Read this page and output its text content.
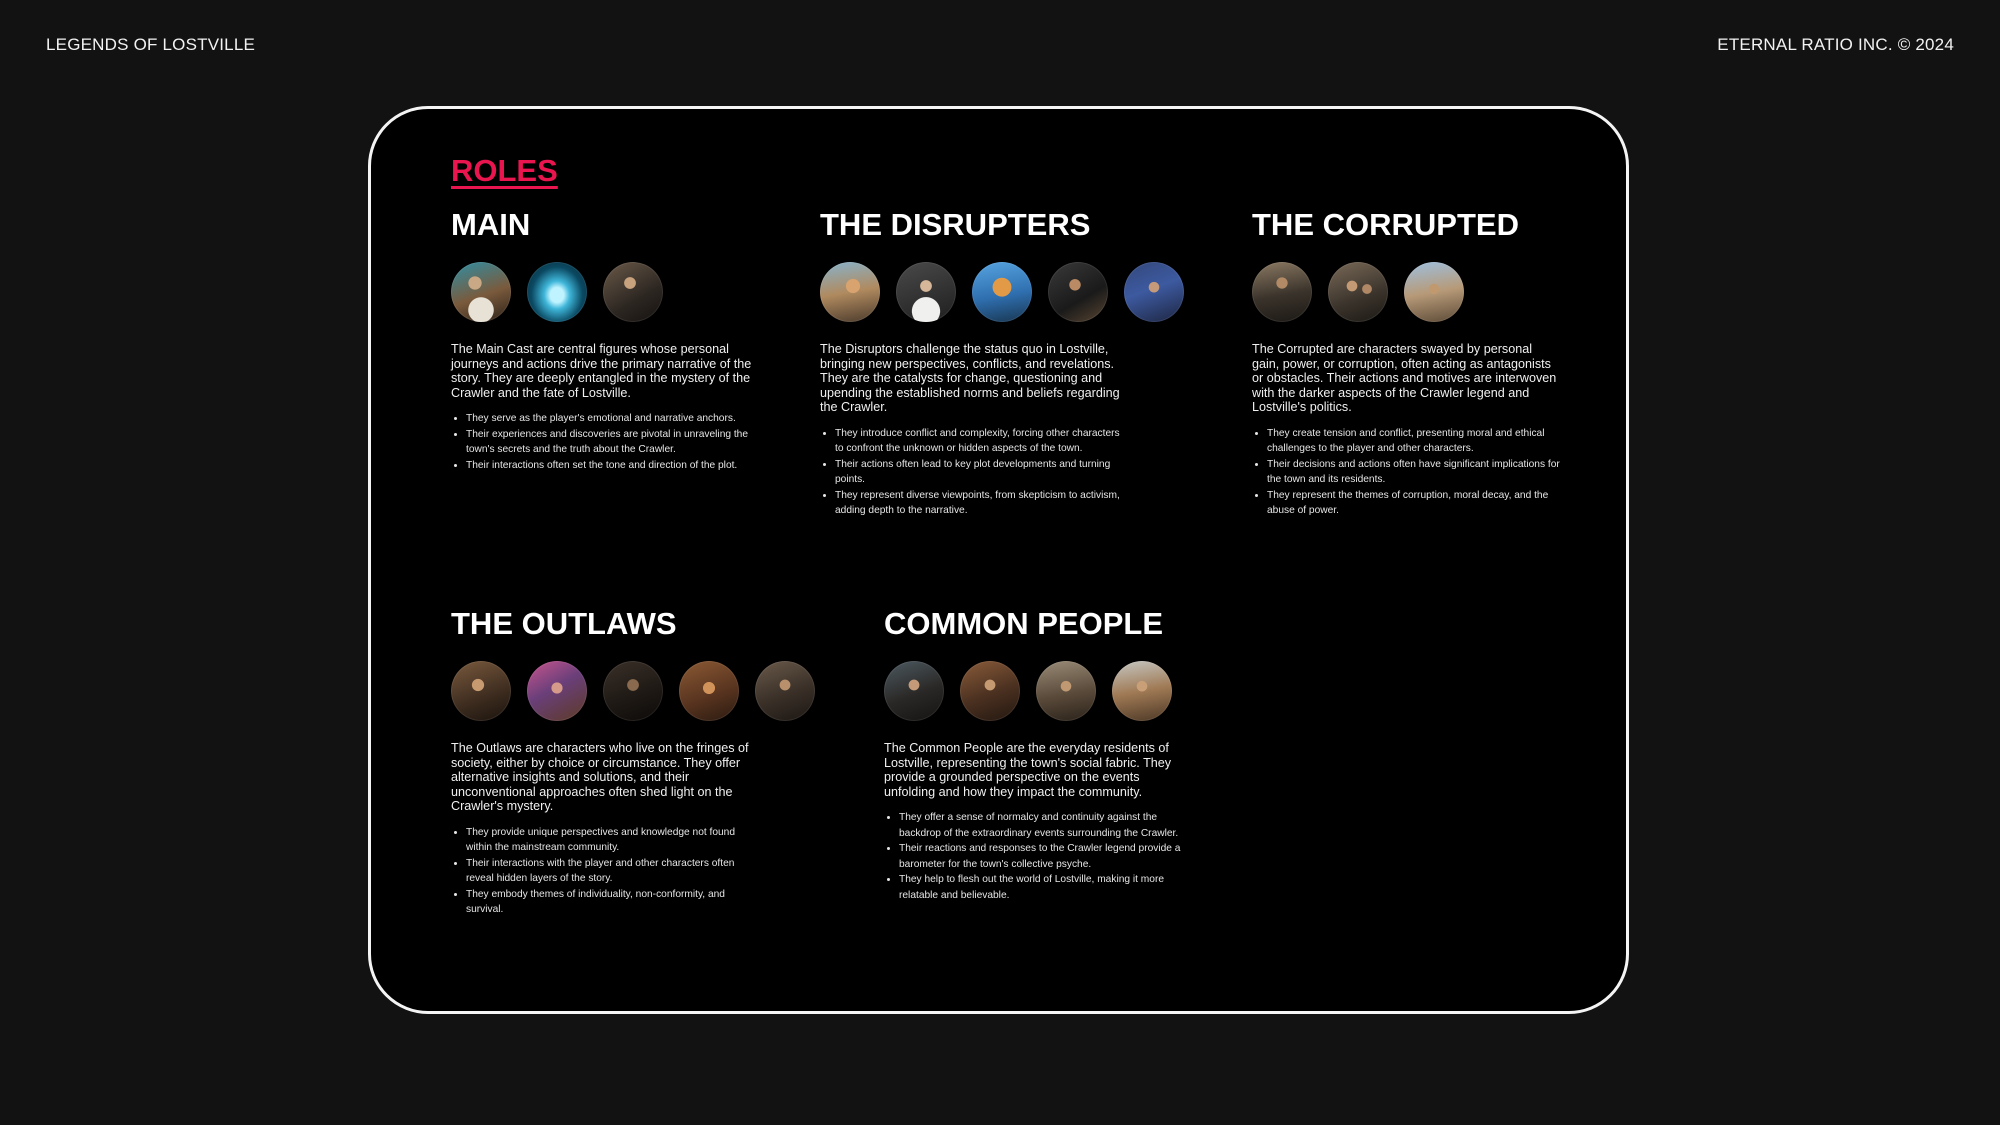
LEGENDS OF LOSTVILLE	ETERNAL RATIO INC. © 2024
ROLES
MAIN

The Main Cast are central figures whose personal journeys and actions drive the primary narrative of the story. They are deeply entangled in the mystery of the Crawler and the fate of Lostville.

• They serve as the player's emotional and narrative anchors.
• Their experiences and discoveries are pivotal in unraveling the town's secrets and the truth about the Crawler.
• Their interactions often set the tone and direction of the plot.
THE DISRUPTERS

The Disruptors challenge the status quo in Lostville, bringing new perspectives, conflicts, and revelations. They are the catalysts for change, questioning and upending the established norms and beliefs regarding the Crawler.

• They introduce conflict and complexity, forcing other characters to confront the unknown or hidden aspects of the town.
• Their actions often lead to key plot developments and turning points.
• They represent diverse viewpoints, from skepticism to activism, adding depth to the narrative.
THE CORRUPTED

The Corrupted are characters swayed by personal gain, power, or corruption, often acting as antagonists or obstacles. Their actions and motives are interwoven with the darker aspects of the Crawler legend and Lostville's politics.

• They create tension and conflict, presenting moral and ethical challenges to the player and other characters.
• Their decisions and actions often have significant implications for the town and its residents.
• They represent the themes of corruption, moral decay, and the abuse of power.
THE OUTLAWS

The Outlaws are characters who live on the fringes of society, either by choice or circumstance. They offer alternative insights and solutions, and their unconventional approaches often shed light on the Crawler's mystery.

• They provide unique perspectives and knowledge not found within the mainstream community.
• Their interactions with the player and other characters often reveal hidden layers of the story.
• They embody themes of individuality, non-conformity, and survival.
COMMON PEOPLE

The Common People are the everyday residents of Lostville, representing the town's social fabric. They provide a grounded perspective on the events unfolding and how they impact the community.

• They offer a sense of normalcy and continuity against the backdrop of the extraordinary events surrounding the Crawler.
• Their reactions and responses to the Crawler legend provide a barometer for the town's collective psyche.
• They help to flesh out the world of Lostville, making it more relatable and believable.
